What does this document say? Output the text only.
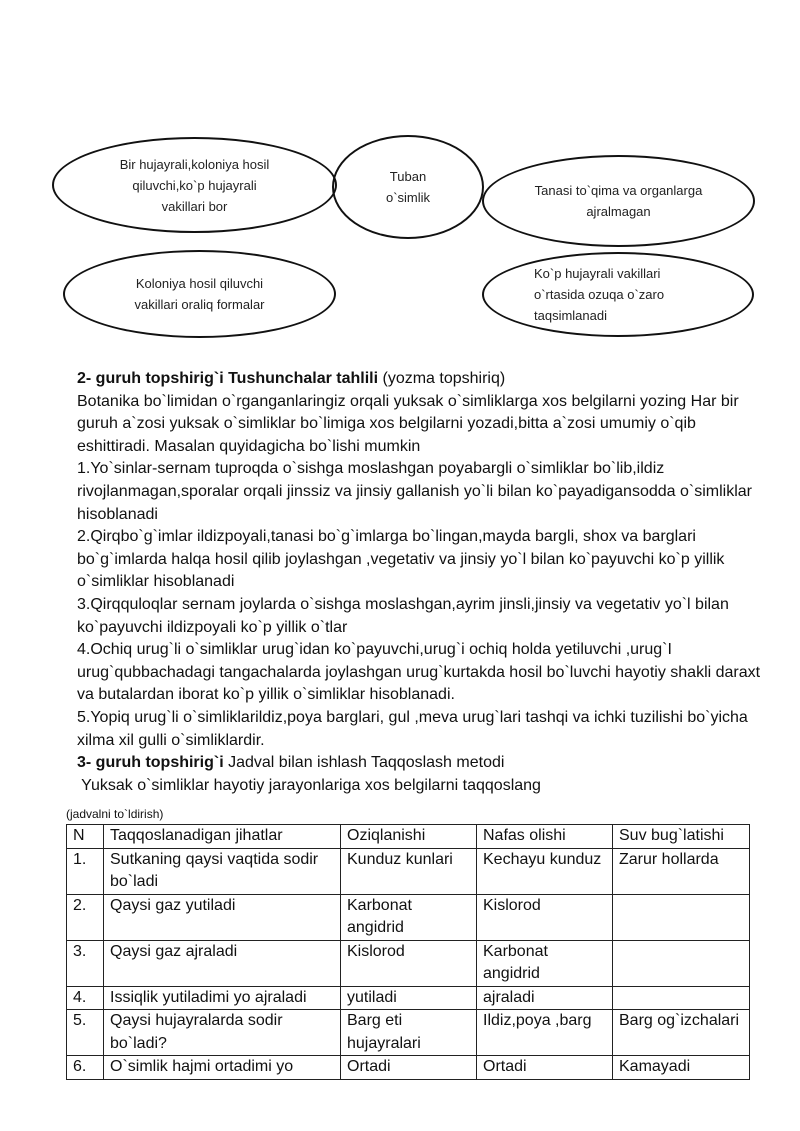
Bir hujayrali,koloniya hosil
qiluvchi,ko`p hujayrali
vakillari bor
Tuban
o`simlik	Tanasi to`qima va organlarga
ajralmagan
Koloniya hosil qiluvchi
vakillari oraliq formalar
Ko`p hujayrali vakillari
o`rtasida ozuqa o`zaro
taqsimlanadi

2- guruh topshirig`i Tushunchalar tahlili (yozma topshiriq)

Botanika bo`limidan o`rganganlaringiz orqali yuksak o`simliklarga xos belgilarni yozing Har bir guruh a`zosi yuksak o`simliklar bo`limiga xos belgilarni yozadi,bitta a`zosi umumiy o`qib eshittiradi. Masalan quyidagicha bo`lishi mumkin

1.Yo`sinlar-sernam tuproqda o`sishga moslashgan poyabargli o`simliklar bo`lib,ildiz rivojlanmagan,sporalar orqali jinssiz va jinsiy gallanish yo`li bilan ko`payadigansodda o`simliklar hisoblanadi

2.Qirqbo`g`imlar ildizpoyali,tanasi bo`g`imlarga bo`lingan,mayda bargli, shox va barglari bo`g`imlarda halqa hosil qilib joylashgan ,vegetativ va jinsiy yo`l bilan ko`payuvchi ko`p yillik o`simliklar hisoblanadi

3.Qirqquloqlar sernam joylarda o`sishga moslashgan,ayrim jinsli,jinsiy va vegetativ yo`l bilan ko`payuvchi ildizpoyali ko`p yillik o`tlar

4.Ochiq urug`li o`simliklar urug`idan ko`payuvchi,urug`i ochiq holda yetiluvchi ,urug`I urug`qubbachadagi tangachalarda joylashgan urug`kurtakda hosil bo`luvchi hayotiy shakli daraxt va butalardan iborat ko`p yillik o`simliklar hisoblanadi.

5.Yopiq urug`li o`simliklarildiz,poya barglari, gul ,meva urug`lari tashqi va ichki tuzilishi bo`yicha xilma xil gulli o`simliklardir.

3- guruh topshirig`i Jadval bilan ishlash Taqqoslash metodi

Yuksak o`simliklar hayotiy jarayonlariga xos belgilarni taqqoslang

(jadvalni to`ldirish)
N	Taqqoslanadigan jihatlar	Oziqlanishi	Nafas olishi	Suv bug`latishi
1.	Sutkaning qaysi vaqtida sodir bo`ladi	Kunduz kunlari	Kechayu kunduz	Zarur hollarda
2.	Qaysi gaz yutiladi	Karbonat angidrid	Kislorod	
3.	Qaysi gaz ajraladi	Kislorod	Karbonat angidrid	
4.	Issiqlik yutiladimi yo ajraladi	yutiladi	ajraladi	
5.	Qaysi hujayralarda sodir bo`ladi?	Barg eti hujayralari	Ildiz,poya ,barg	Barg og`izchalari
6.	O`simlik hajmi ortadimi yo	Ortadi	Ortadi	Kamayadi
